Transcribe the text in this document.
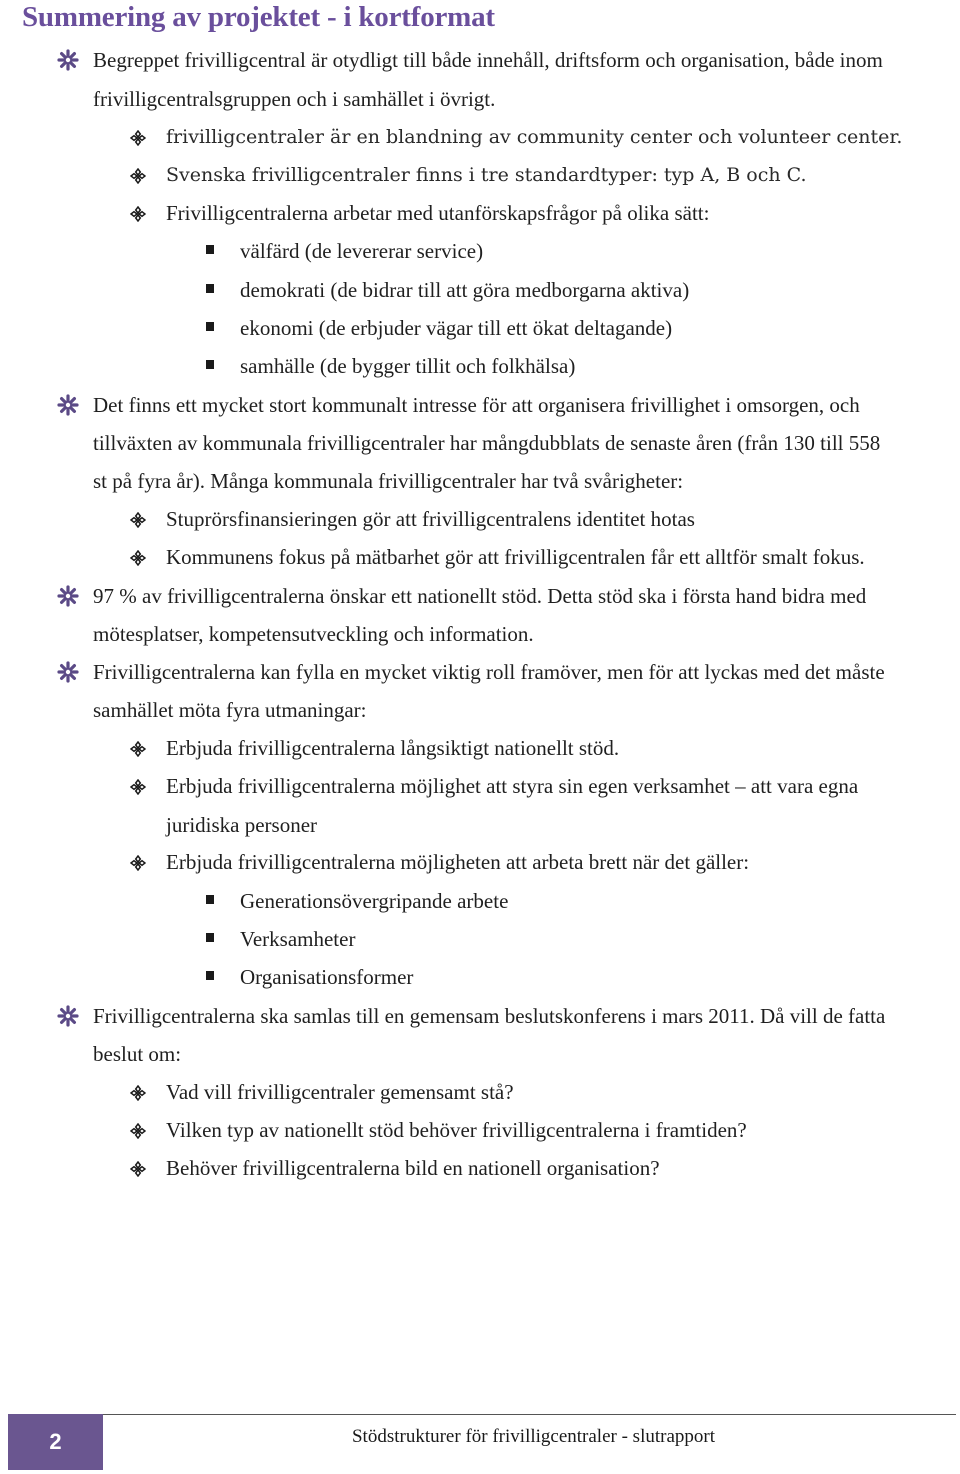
Summering av projektet - i kortformat
Begreppet frivilligcentral är otydligt till både innehåll, driftsform och organisation, både inom
frivilligcentralsgruppen och i samhället i övrigt.
frivilligcentraler är en blandning av community center och volunteer center.
Svenska frivilligcentraler finns i tre standardtyper: typ A, B och C.
Frivilligcentralerna arbetar med utanförskapsfrågor på olika sätt:
välfärd (de levererar service)
demokrati (de bidrar till att göra medborgarna aktiva)
ekonomi (de erbjuder vägar till ett ökat deltagande)
samhälle (de bygger tillit och folkhälsa)
Det finns ett mycket stort kommunalt intresse för att organisera frivillighet i omsorgen, och
tillväxten av kommunala frivilligcentraler har mångdubblats de senaste åren (från 130 till 558
st på fyra år). Många kommunala frivilligcentraler har två svårigheter:
Stuprörsfinansieringen gör att frivilligcentralens identitet hotas
Kommunens fokus på mätbarhet gör att frivilligcentralen får ett alltför smalt fokus.
97 % av frivilligcentralerna önskar ett nationellt stöd. Detta stöd ska i första hand bidra med
mötesplatser, kompetensutveckling och information.
Frivilligcentralerna kan fylla en mycket viktig roll framöver, men för att lyckas med det måste
samhället möta fyra utmaningar:
Erbjuda frivilligcentralerna långsiktigt nationellt stöd.
Erbjuda frivilligcentralerna möjlighet att styra sin egen verksamhet – att vara egna
juridiska personer
Erbjuda frivilligcentralerna möjligheten att arbeta brett när det gäller:
Generationsövergripande arbete
Verksamheter
Organisationsformer
Frivilligcentralerna ska samlas till en gemensam beslutskonferens i mars 2011. Då vill de fatta
beslut om:
Vad vill frivilligcentraler gemensamt stå?
Vilken typ av nationellt stöd behöver frivilligcentralerna i framtiden?
Behöver frivilligcentralerna bild en nationell organisation?
2	Stödstrukturer för frivilligcentraler - slutrapport
